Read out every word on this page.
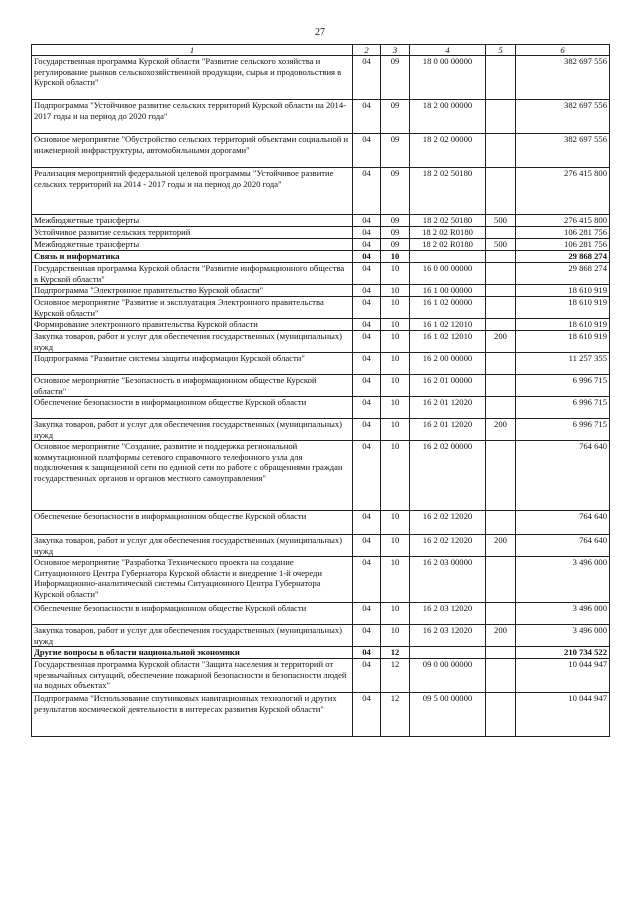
27
1	2	3	4	5	6
Государственная программа Курской области "Развитие сельского хозяйства и регулирование рынков сельскохозяйственной продукции, сырья и продовольствия в Курской области"	04	09	18 0 00 00000		382 697 556
Подпрограмма "Устойчивое развитие сельских территорий Курской области на 2014-2017 годы и на период до 2020 года"	04	09	18 2 00 00000		382 697 556
Основное мероприятие "Обустройство сельских территорий объектами социальной и инженерной инфраструктуры, автомобильными дорогами"	04	09	18 2 02 00000		382 697 556
Реализация мероприятий федеральной целевой программы "Устойчивое развитие сельских территорий на 2014 - 2017 годы и на период до 2020 года"	04	09	18 2 02 50180		276 415 800
Межбюджетные трансферты	04	09	18 2 02 50180	500	276 415 800
Устойчивое развитие сельских территорий	04	09	18 2 02 R0180		106 281 756
Межбюджетные трансферты	04	09	18 2 02 R0180	500	106 281 756
Связь и информатика	04	10			29 868 274
Государственная программа Курской области "Развитие информационного общества в Курской области"	04	10	16 0 00 00000		29 868 274
Подпрограмма "Электронное правительство Курской области"	04	10	16 1 00 00000		18 610 919
Основное мероприятие "Развитие и эксплуатация Электронного правительства Курской области"	04	10	16 1 02 00000		18 610 919
Формирование электронного правительства Курской области	04	10	16 1 02 12010		18 610 919
Закупка товаров, работ и услуг для обеспечения государственных (муниципальных) нужд	04	10	16 1 02 12010	200	18 610 919
Подпрограмма "Развитие системы защиты информации Курской области"	04	10	16 2 00 00000		11 257 355
Основное мероприятие "Безопасность в информационном обществе Курской области"	04	10	16 2 01 00000		6 996 715
Обеспечение безопасности в информационном обществе Курской области	04	10	16 2 01 12020		6 996 715
Закупка товаров, работ и услуг для обеспечения государственных (муниципальных) нужд	04	10	16 2 01 12020	200	6 996 715
Основное мероприятие "Создание, развитие и поддержка региональной коммутационной платформы сетевого справочного телефонного узла для подключения к защищенной сети по единой сети по работе с обращениями граждан государственных органов и органов местного самоуправления"	04	10	16 2 02 00000		764 640
Обеспечение безопасности в информационном обществе Курской области	04	10	16 2 02 12020		764 640
Закупка товаров, работ и услуг для обеспечения государственных (муниципальных) нужд	04	10	16 2 02 12020	200	764 640
Основное мероприятие "Разработка Технического проекта на создание Ситуационного Центра Губернатора Курской области и внедрение 1-й очереди Информационно-аналитической системы Ситуационного Центра Губернатора Курской области"	04	10	16 2 03 00000		3 496 000
Обеспечение безопасности в информационном обществе Курской области	04	10	16 2 03 12020		3 496 000
Закупка товаров, работ и услуг для обеспечения государственных (муниципальных) нужд	04	10	16 2 03 12020	200	3 496 000
Другие вопросы в области национальной экономики	04	12			210 734 522
Государственная программа Курской области "Защита населения и территорий от чрезвычайных ситуаций, обеспечение пожарной безопасности и безопасности людей на водных объектах"	04	12	09 0 00 00000		10 044 947
Подпрограмма "Использование спутниковых навигационных технологий и других результатов космической деятельности в интересах развития Курской области"	04	12	09 5 00 00000		10 044 947
